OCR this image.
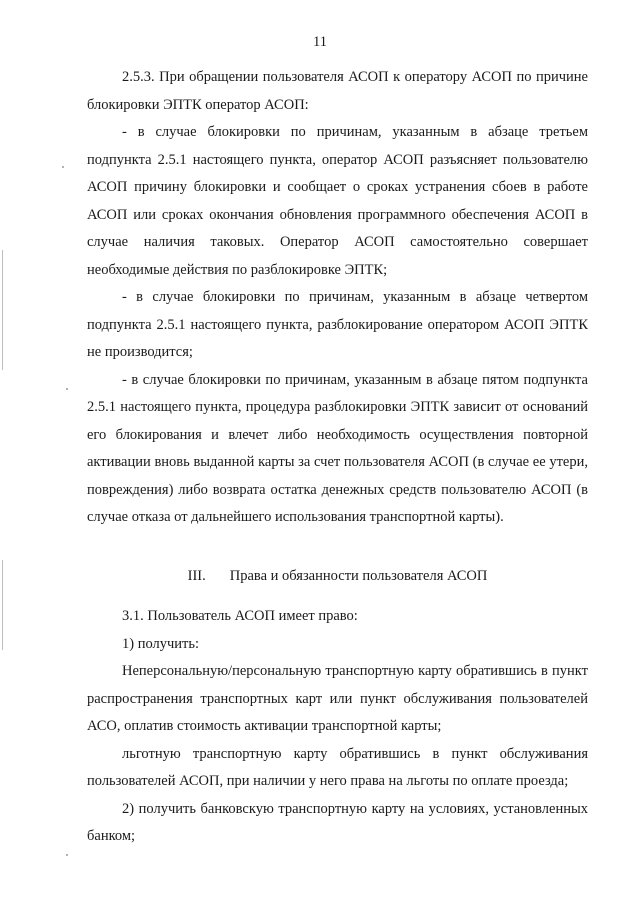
11

2.5.3. При обращении пользователя АСОП к оператору АСОП по причине блокировки ЭПТК оператор АСОП:

- в случае блокировки по причинам, указанным в абзаце третьем подпункта 2.5.1 настоящего пункта, оператор АСОП разъясняет пользователю АСОП причину блокировки и сообщает о сроках устранения сбоев в работе АСОП или сроках окончания обновления программного обеспечения АСОП в случае наличия таковых. Оператор АСОП самостоятельно совершает необходимые действия по разблокировке ЭПТК;

- в случае блокировки по причинам, указанным в абзаце четвертом подпункта 2.5.1 настоящего пункта, разблокирование оператором АСОП ЭПТК не производится;

- в случае блокировки по причинам, указанным в абзаце пятом подпункта 2.5.1 настоящего пункта, процедура разблокировки ЭПТК зависит от оснований его блокирования и влечет либо необходимость осуществления повторной активации вновь выданной карты за счет пользователя АСОП (в случае ее утери, повреждения) либо возврата остатка денежных средств пользователю АСОП (в случае отказа от дальнейшего использования транспортной карты).

III. Права и обязанности пользователя АСОП

3.1. Пользователь АСОП имеет право:

1) получить:

Неперсональную/персональную транспортную карту обратившись в пункт распространения транспортных карт или пункт обслуживания пользователей АСО, оплатив стоимость активации транспортной карты;

льготную транспортную карту обратившись в пункт обслуживания пользователей АСОП, при наличии у него права на льготы по оплате проезда;

2) получить банковскую транспортную карту на условиях, установленных банком;
